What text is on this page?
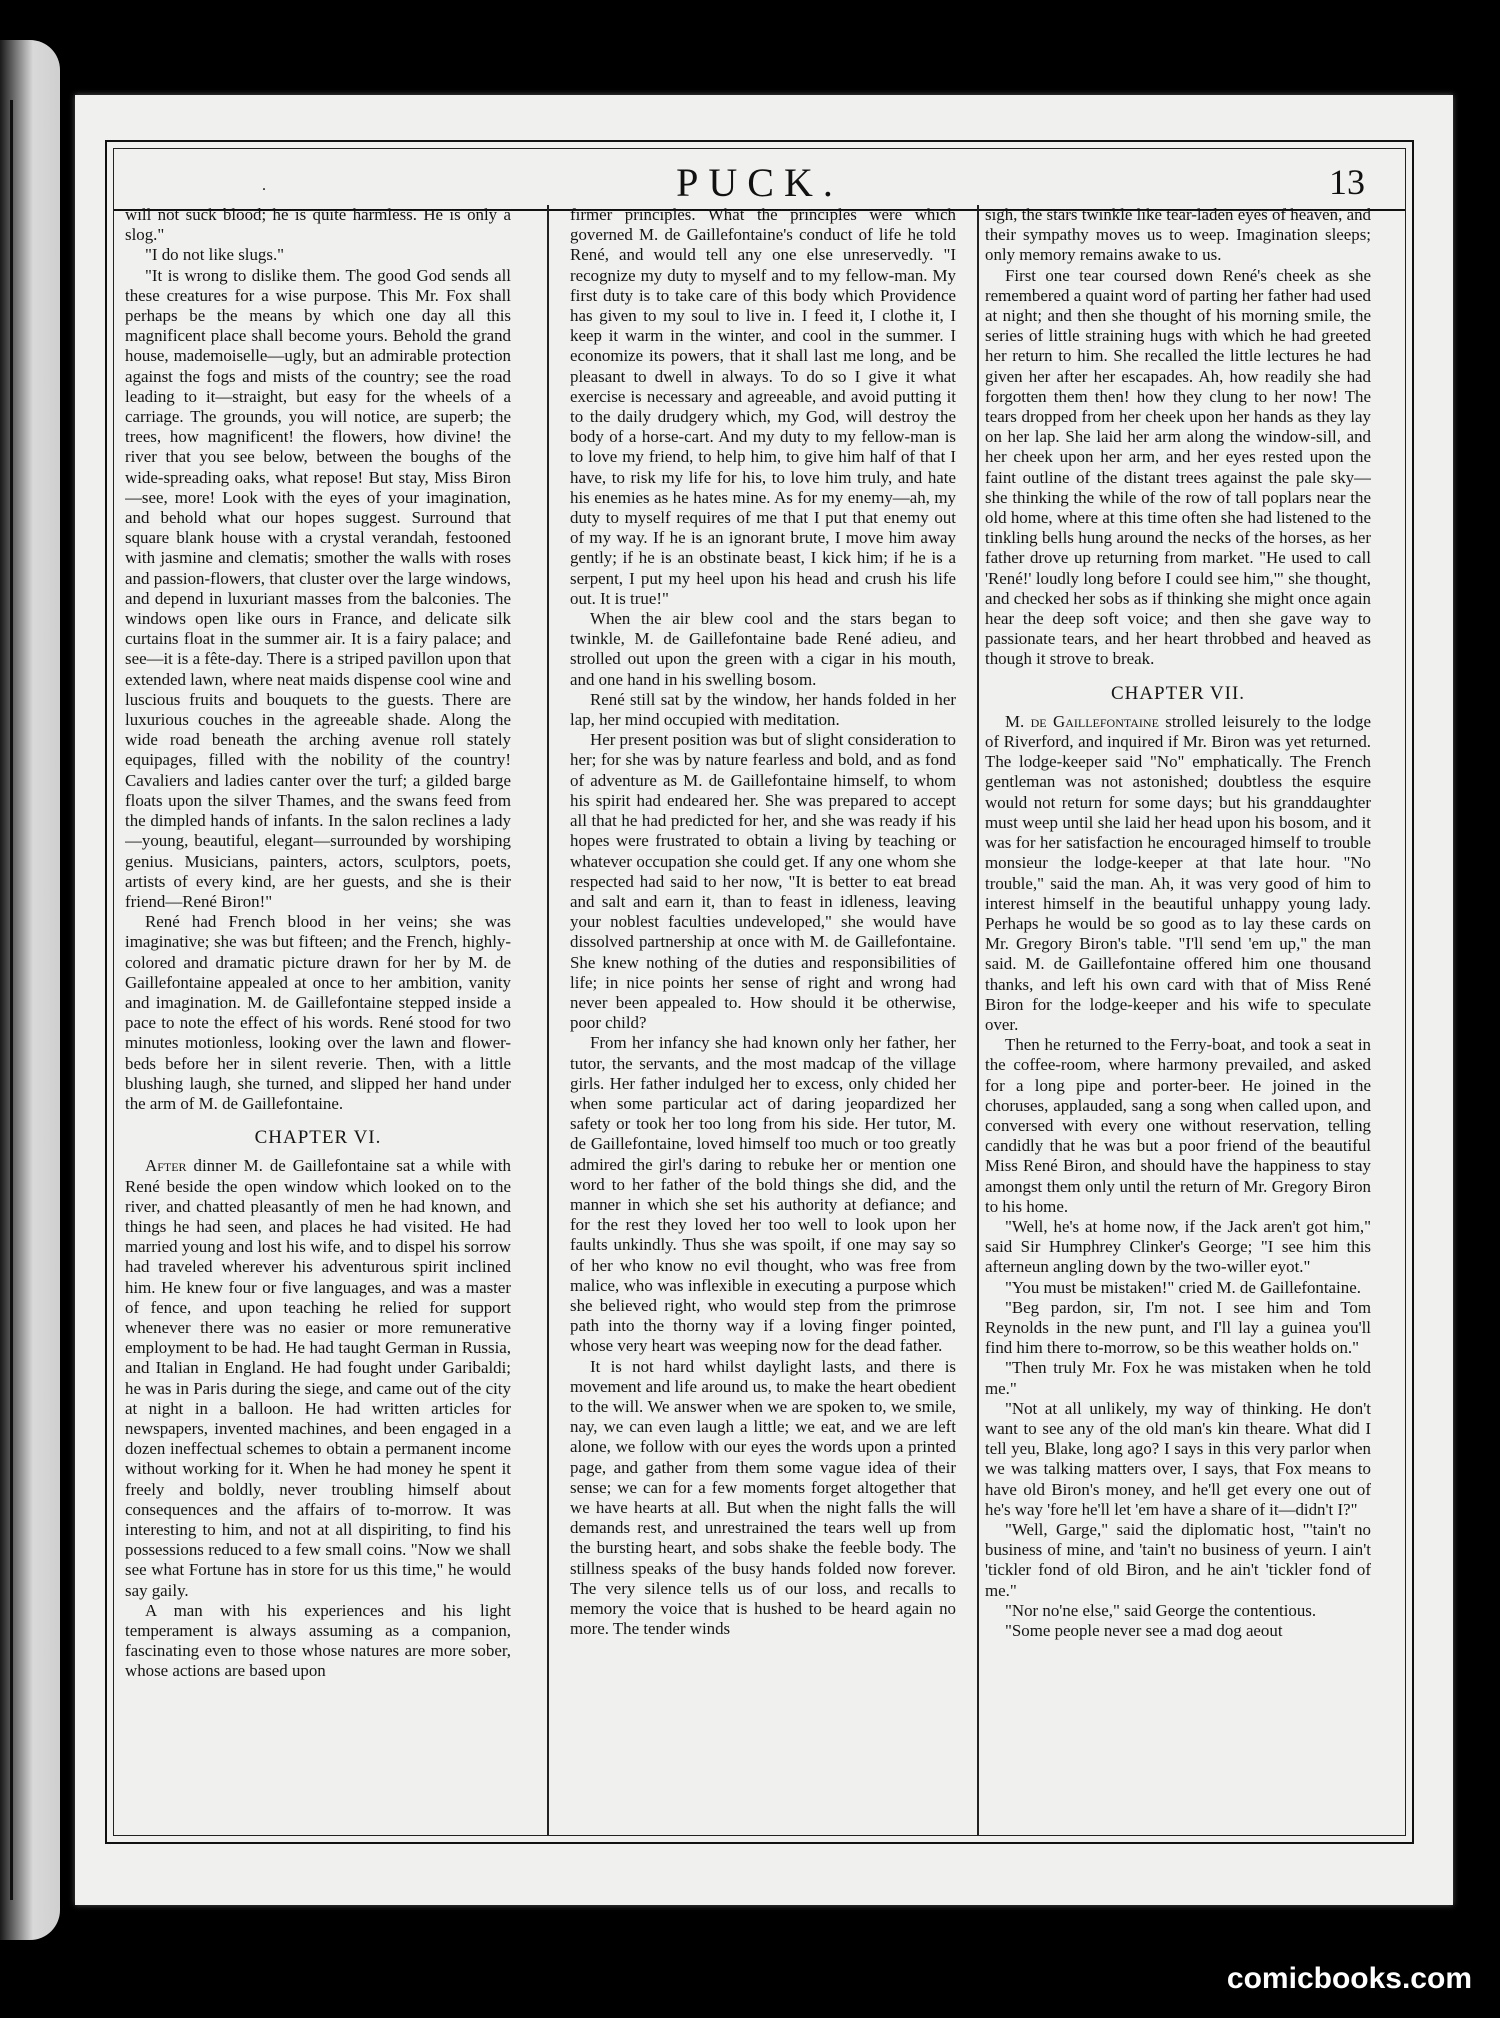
.	PUCK.	13

will not suck blood; he is quite harmless. He is only a slog."

"I do not like slugs."

"It is wrong to dislike them. The good God sends all these creatures for a wise purpose. This Mr. Fox shall perhaps be the means by which one day all this magnificent place shall become yours. Behold the grand house, mademoiselle—ugly, but an admirable protection against the fogs and mists of the country; see the road leading to it—straight, but easy for the wheels of a carriage. The grounds, you will notice, are superb; the trees, how magnificent! the flowers, how divine! the river that you see below, between the boughs of the wide-spreading oaks, what repose! But stay, Miss Biron—see, more! Look with the eyes of your imagination, and behold what our hopes suggest. Surround that square blank house with a crystal verandah, festooned with jasmine and clematis; smother the walls with roses and passion-flowers, that cluster over the large windows, and depend in luxuriant masses from the balconies. The windows open like ours in France, and delicate silk curtains float in the summer air. It is a fairy palace; and see—it is a fête-day. There is a striped pavillon upon that extended lawn, where neat maids dispense cool wine and luscious fruits and bouquets to the guests. There are luxurious couches in the agreeable shade. Along the wide road beneath the arching avenue roll stately equipages, filled with the nobility of the country! Cavaliers and ladies canter over the turf; a gilded barge floats upon the silver Thames, and the swans feed from the dimpled hands of infants. In the salon reclines a lady—young, beautiful, elegant—surrounded by worshiping genius. Musicians, painters, actors, sculptors, poets, artists of every kind, are her guests, and she is their friend—René Biron!"

René had French blood in her veins; she was imaginative; she was but fifteen; and the French, highly-colored and dramatic picture drawn for her by M. de Gaillefontaine appealed at once to her ambition, vanity and imagination. M. de Gaillefontaine stepped inside a pace to note the effect of his words. René stood for two minutes motionless, looking over the lawn and flower-beds before her in silent reverie. Then, with a little blushing laugh, she turned, and slipped her hand under the arm of M. de Gaillefontaine.

CHAPTER VI.

After dinner M. de Gaillefontaine sat a while with René beside the open window which looked on to the river, and chatted pleasantly of men he had known, and things he had seen, and places he had visited. He had married young and lost his wife, and to dispel his sorrow had traveled wherever his adventurous spirit inclined him. He knew four or five languages, and was a master of fence, and upon teaching he relied for support whenever there was no easier or more remunerative employment to be had. He had taught German in Russia, and Italian in England. He had fought under Garibaldi; he was in Paris during the siege, and came out of the city at night in a balloon. He had written articles for newspapers, invented machines, and been engaged in a dozen ineffectual schemes to obtain a permanent income without working for it. When he had money he spent it freely and boldly, never troubling himself about consequences and the affairs of to-morrow. It was interesting to him, and not at all dispiriting, to find his possessions reduced to a few small coins. "Now we shall see what Fortune has in store for us this time," he would say gaily.

A man with his experiences and his light temperament is always assuming as a companion, fascinating even to those whose natures are more sober, whose actions are based upon

firmer principles. What the principles were which governed M. de Gaillefontaine's conduct of life he told René, and would tell any one else unreservedly. "I recognize my duty to myself and to my fellow-man. My first duty is to take care of this body which Providence has given to my soul to live in. I feed it, I clothe it, I keep it warm in the winter, and cool in the summer. I economize its powers, that it shall last me long, and be pleasant to dwell in always. To do so I give it what exercise is necessary and agreeable, and avoid putting it to the daily drudgery which, my God, will destroy the body of a horse-cart. And my duty to my fellow-man is to love my friend, to help him, to give him half of that I have, to risk my life for his, to love him truly, and hate his enemies as he hates mine. As for my enemy—ah, my duty to myself requires of me that I put that enemy out of my way. If he is an ignorant brute, I move him away gently; if he is an obstinate beast, I kick him; if he is a serpent, I put my heel upon his head and crush his life out. It is true!"

When the air blew cool and the stars began to twinkle, M. de Gaillefontaine bade René adieu, and strolled out upon the green with a cigar in his mouth, and one hand in his swelling bosom.

René still sat by the window, her hands folded in her lap, her mind occupied with meditation.

Her present position was but of slight consideration to her; for she was by nature fearless and bold, and as fond of adventure as M. de Gaillefontaine himself, to whom his spirit had endeared her. She was prepared to accept all that he had predicted for her, and she was ready if his hopes were frustrated to obtain a living by teaching or whatever occupation she could get. If any one whom she respected had said to her now, "It is better to eat bread and salt and earn it, than to feast in idleness, leaving your noblest faculties undeveloped," she would have dissolved partnership at once with M. de Gaillefontaine. She knew nothing of the duties and responsibilities of life; in nice points her sense of right and wrong had never been appealed to. How should it be otherwise, poor child?

From her infancy she had known only her father, her tutor, the servants, and the most madcap of the village girls. Her father indulged her to excess, only chided her when some particular act of daring jeopardized her safety or took her too long from his side. Her tutor, M. de Gaillefontaine, loved himself too much or too greatly admired the girl's daring to rebuke her or mention one word to her father of the bold things she did, and the manner in which she set his authority at defiance; and for the rest they loved her too well to look upon her faults unkindly. Thus she was spoilt, if one may say so of her who know no evil thought, who was free from malice, who was inflexible in executing a purpose which she believed right, who would step from the primrose path into the thorny way if a loving finger pointed, whose very heart was weeping now for the dead father.

It is not hard whilst daylight lasts, and there is movement and life around us, to make the heart obedient to the will. We answer when we are spoken to, we smile, nay, we can even laugh a little; we eat, and we are left alone, we follow with our eyes the words upon a printed page, and gather from them some vague idea of their sense; we can for a few moments forget altogether that we have hearts at all. But when the night falls the will demands rest, and unrestrained the tears well up from the bursting heart, and sobs shake the feeble body. The stillness speaks of the busy hands folded now forever. The very silence tells us of our loss, and recalls to memory the voice that is hushed to be heard again no more. The tender winds

sigh, the stars twinkle like tear-laden eyes of heaven, and their sympathy moves us to weep. Imagination sleeps; only memory remains awake to us.

First one tear coursed down René's cheek as she remembered a quaint word of parting her father had used at night; and then she thought of his morning smile, the series of little straining hugs with which he had greeted her return to him. She recalled the little lectures he had given her after her escapades. Ah, how readily she had forgotten them then! how they clung to her now! The tears dropped from her cheek upon her hands as they lay on her lap. She laid her arm along the window-sill, and her cheek upon her arm, and her eyes rested upon the faint outline of the distant trees against the pale sky—she thinking the while of the row of tall poplars near the old home, where at this time often she had listened to the tinkling bells hung around the necks of the horses, as her father drove up returning from market. "He used to call 'René!' loudly long before I could see him,'" she thought, and checked her sobs as if thinking she might once again hear the deep soft voice; and then she gave way to passionate tears, and her heart throbbed and heaved as though it strove to break.

CHAPTER VII.

M. de Gaillefontaine strolled leisurely to the lodge of Riverford, and inquired if Mr. Biron was yet returned. The lodge-keeper said "No" emphatically. The French gentleman was not astonished; doubtless the esquire would not return for some days; but his granddaughter must weep until she laid her head upon his bosom, and it was for her satisfaction he encouraged himself to trouble monsieur the lodge-keeper at that late hour. "No trouble," said the man. Ah, it was very good of him to interest himself in the beautiful unhappy young lady. Perhaps he would be so good as to lay these cards on Mr. Gregory Biron's table. "I'll send 'em up," the man said. M. de Gaillefontaine offered him one thousand thanks, and left his own card with that of Miss René Biron for the lodge-keeper and his wife to speculate over.

Then he returned to the Ferry-boat, and took a seat in the coffee-room, where harmony prevailed, and asked for a long pipe and porter-beer. He joined in the choruses, applauded, sang a song when called upon, and conversed with every one without reservation, telling candidly that he was but a poor friend of the beautiful Miss René Biron, and should have the happiness to stay amongst them only until the return of Mr. Gregory Biron to his home.

"Well, he's at home now, if the Jack aren't got him," said Sir Humphrey Clinker's George; "I see him this afterneun angling down by the two-willer eyot."

"You must be mistaken!" cried M. de Gaillefontaine.

"Beg pardon, sir, I'm not. I see him and Tom Reynolds in the new punt, and I'll lay a guinea you'll find him there to-morrow, so be this weather holds on."

"Then truly Mr. Fox he was mistaken when he told me."

"Not at all unlikely, my way of thinking. He don't want to see any of the old man's kin theare. What did I tell yeu, Blake, long ago? I says in this very parlor when we was talking matters over, I says, that Fox means to have old Biron's money, and he'll get every one out of he's way 'fore he'll let 'em have a share of it—didn't I?"

"Well, Garge," said the diplomatic host, "'tain't no business of mine, and 'tain't no business of yeurn. I ain't 'tickler fond of old Biron, and he ain't 'tickler fond of me."

"Nor no'ne else," said George the contentious.

"Some people never see a mad dog aeout

comicbooks.com
